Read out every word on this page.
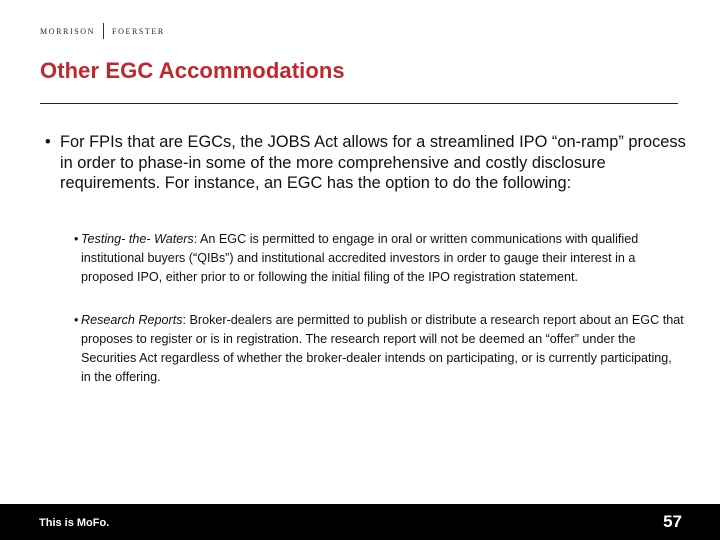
MORRISON FOERSTER
Other EGC Accommodations

• For FPIs that are EGCs, the JOBS Act allows for a streamlined IPO “on-ramp” process in order to phase-in some of the more comprehensive and costly disclosure requirements. For instance, an EGC has the option to do the following:

• Testing- the- Waters: An EGC is permitted to engage in oral or written communications with qualified institutional buyers (“QIBs”) and institutional accredited investors in order to gauge their interest in a proposed IPO, either prior to or following the initial filing of the IPO registration statement.

• Research Reports: Broker-dealers are permitted to publish or distribute a research report about an EGC that proposes to register or is in registration. The research report will not be deemed an “offer” under the Securities Act regardless of whether the broker-dealer intends on participating, or is currently participating, in the offering.

This is MoFo.	57
